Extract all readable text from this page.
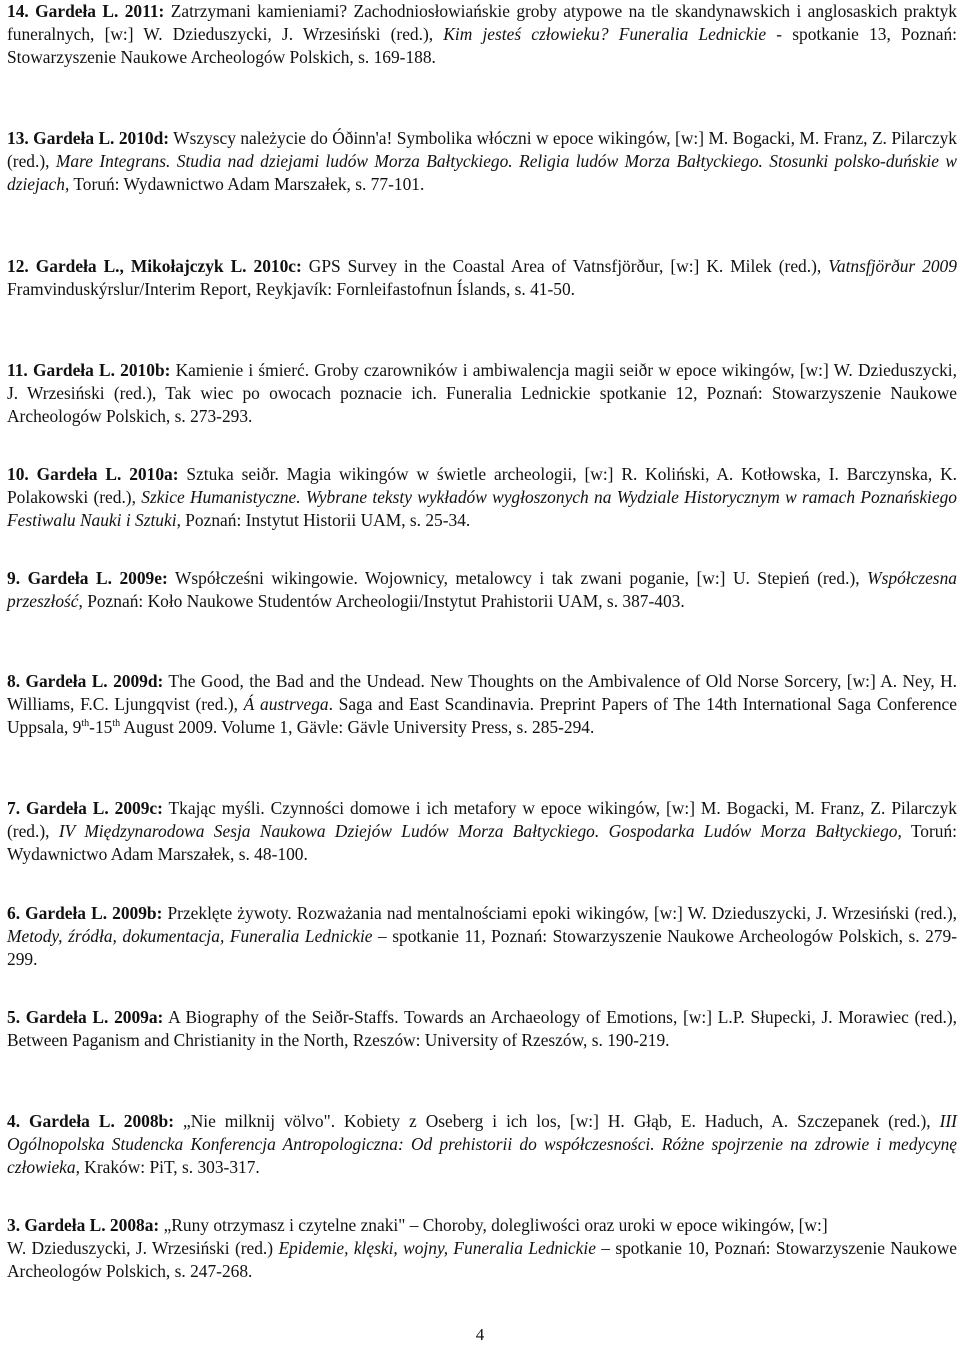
14. Gardeła L. 2011: Zatrzymani kamieniami? Zachodniosłowiańskie groby atypowe na tle skandynawskich i anglosaskich praktyk funeralnych, [w:] W. Dzieduszycki, J. Wrzesiński (red.), Kim jesteś człowieku? Funeralia Lednickie - spotkanie 13, Poznań: Stowarzyszenie Naukowe Archeologów Polskich, s. 169-188.

13. Gardeła L. 2010d: Wszyscy należycie do Óðinn'a! Symbolika włóczni w epoce wikingów, [w:] M. Bogacki, M. Franz, Z. Pilarczyk (red.), Mare Integrans. Studia nad dziejami ludów Morza Bałtyckiego. Religia ludów Morza Bałtyckiego. Stosunki polsko-duńskie w dziejach, Toruń: Wydawnictwo Adam Marszałek, s. 77-101.

12. Gardeła L., Mikołajczyk L. 2010c: GPS Survey in the Coastal Area of Vatnsfjörður, [w:] K. Milek (red.), Vatnsfjörður 2009 Framvinduskýrslur/Interim Report, Reykjavík: Fornleifastofnun Íslands, s. 41-50.

11. Gardeła L. 2010b: Kamienie i śmierć. Groby czarowników i ambiwalencja magii seiðr w epoce wikingów, [w:] W. Dzieduszycki, J. Wrzesiński (red.), Tak wiec po owocach poznacie ich. Funeralia Lednickie spotkanie 12, Poznań: Stowarzyszenie Naukowe Archeologów Polskich, s. 273-293.

10. Gardeła L. 2010a: Sztuka seiðr. Magia wikingów w świetle archeologii, [w:] R. Koliński, A. Kotłowska, I. Barczynska, K. Polakowski (red.), Szkice Humanistyczne. Wybrane teksty wykładów wygłoszonych na Wydziale Historycznym w ramach Poznańskiego Festiwalu Nauki i Sztuki, Poznań: Instytut Historii UAM, s. 25-34.

9. Gardeła L. 2009e: Współcześni wikingowie. Wojownicy, metalowcy i tak zwani poganie, [w:] U. Stepień (red.), Współczesna przeszłość, Poznań: Koło Naukowe Studentów Archeologii/Instytut Prahistorii UAM, s. 387-403.

8. Gardeła L. 2009d: The Good, the Bad and the Undead. New Thoughts on the Ambivalence of Old Norse Sorcery, [w:] A. Ney, H. Williams, F.C. Ljungqvist (red.), Á austrvega. Saga and East Scandinavia. Preprint Papers of The 14th International Saga Conference Uppsala, 9th-15th August 2009. Volume 1, Gävle: Gävle University Press, s. 285-294.

7. Gardeła L. 2009c: Tkając myśli. Czynności domowe i ich metafory w epoce wikingów, [w:] M. Bogacki, M. Franz, Z. Pilarczyk (red.), IV Międzynarodowa Sesja Naukowa Dziejów Ludów Morza Bałtyckiego. Gospodarka Ludów Morza Bałtyckiego, Toruń: Wydawnictwo Adam Marszałek, s. 48-100.

6. Gardeła L. 2009b: Przeklęte żywoty. Rozważania nad mentalnościami epoki wikingów, [w:] W. Dzieduszycki, J. Wrzesiński (red.), Metody, źródła, dokumentacja, Funeralia Lednickie – spotkanie 11, Poznań: Stowarzyszenie Naukowe Archeologów Polskich, s. 279-299.

5. Gardeła L. 2009a: A Biography of the Seiðr-Staffs. Towards an Archaeology of Emotions, [w:] L.P. Słupecki, J. Morawiec (red.), Between Paganism and Christianity in the North, Rzeszów: University of Rzeszów, s. 190-219.

4. Gardeła L. 2008b: „Nie milknij völvo". Kobiety z Oseberg i ich los, [w:] H. Głąb, E. Haduch, A. Szczepanek (red.), III Ogólnopolska Studencka Konferencja Antropologiczna: Od prehistorii do współczesności. Różne spojrzenie na zdrowie i medycynę człowieka, Kraków: PiT, s. 303-317.

3. Gardeła L. 2008a: „Runy otrzymasz i czytelne znaki" – Choroby, dolegliwości oraz uroki w epoce wikingów, [w:]
W. Dzieduszycki, J. Wrzesiński (red.) Epidemie, klęski, wojny, Funeralia Lednickie – spotkanie 10, Poznań: Stowarzyszenie Naukowe Archeologów Polskich, s. 247-268.

4
